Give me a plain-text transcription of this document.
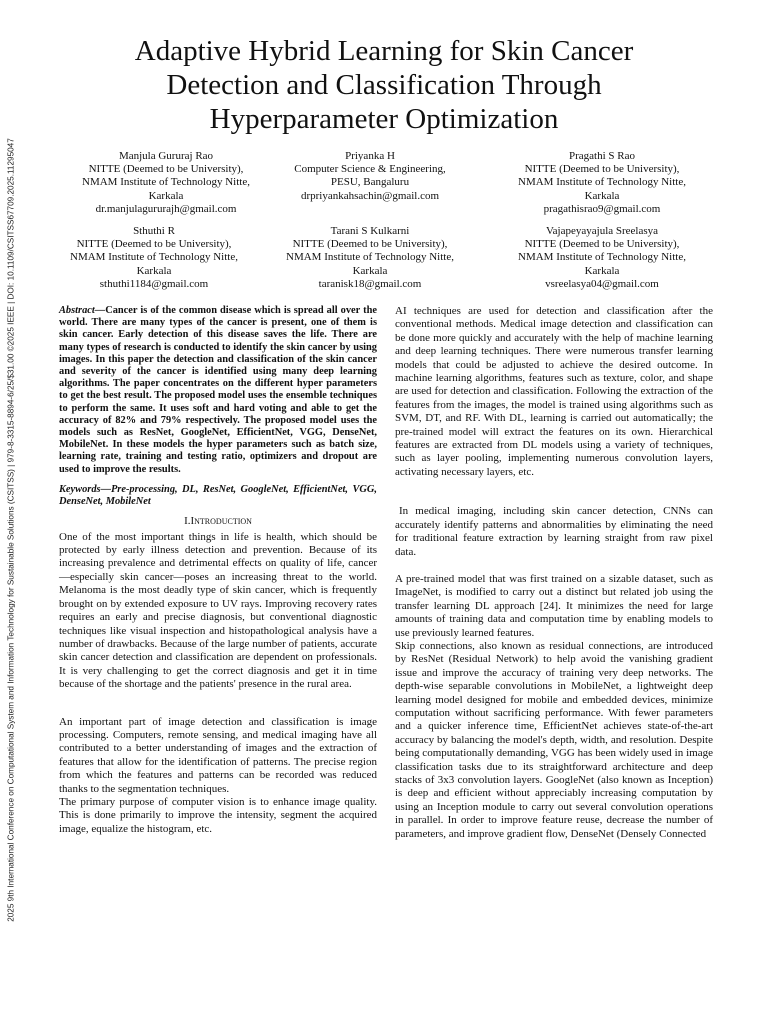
2025 9th International Conference on Computational System and Information Technology for Sustainable Solutions (CSITSS) | 979-8-3315-8894-6/25/$31.00 ©2025 IEEE | DOI: 10.1109/CSITSS67709.2025.11295047
Adaptive Hybrid Learning for Skin Cancer
Detection and Classification Through
Hyperparameter Optimization
Manjula Gururaj Rao
NITTE (Deemed to be University),
NMAM Institute of Technology Nitte,
Karkala
dr.manjulagururajh@gmail.com
Priyanka H
Computer Science & Engineering,
PESU, Bangaluru
drpriyankahsachin@gmail.com
Pragathi S Rao
NITTE (Deemed to be University),
NMAM Institute of Technology Nitte,
Karkala
pragathisrao9@gmail.com
Sthuthi R
NITTE (Deemed to be University),
NMAM Institute of Technology Nitte,
Karkala
sthuthi1184@gmail.com
Tarani S Kulkarni
NITTE (Deemed to be University),
NMAM Institute of Technology Nitte,
Karkala
taranisk18@gmail.com
Vajapeyayajula Sreelasya
NITTE (Deemed to be University),
NMAM Institute of Technology Nitte,
Karkala
vsreelasya04@gmail.com

Abstract—Cancer is of the common disease which is spread all over the world. There are many types of the cancer is present, one of them is skin cancer. Early detection of this disease saves the life. There are many types of research is conducted to identify the skin cancer by using images. In this paper the detection and classification of the skin cancer and severity of the cancer is identified using many deep learning algorithms. The paper concentrates on the different hyper parameters to get the best result. The proposed model uses the ensemble techniques to perform the same. It uses soft and hard voting and able to get the accuracy of 82% and 79% respectively. The proposed model uses the models such as ResNet, GoogleNet, EfficientNet, VGG, DenseNet, MobileNet. In these models the hyper parameters such as batch size, learning rate, training and testing ratio, optimizers and dropout are used to improve the results.

Keywords—Pre-processing, DL, ResNet, GoogleNet, EfficientNet, VGG, DenseNet, MobileNet

I.Introduction

One of the most important things in life is health, which should be protected by early illness detection and prevention. Because of its increasing prevalence and detrimental effects on quality of life, cancer—especially skin cancer—poses an increasing threat to the world. Melanoma is the most deadly type of skin cancer, which is frequently brought on by extended exposure to UV rays. Improving recovery rates requires an early and precise diagnosis, but conventional diagnostic techniques like visual inspection and histopathological analysis have a number of drawbacks. Because of the large number of patients, accurate skin cancer detection and classification are dependent on professionals. It is very challenging to get the correct diagnosis and get it in time because of the shortage and the patients' presence in the rural area.

An important part of image detection and classification is image processing. Computers, remote sensing, and medical imaging have all contributed to a better understanding of images and the extraction of features that allow for the identification of patterns. The precise region from which the features and patterns can be recorded was reduced thanks to the segmentation techniques.

The primary purpose of computer vision is to enhance image quality. This is done primarily to improve the intensity, segment the acquired image, equalize the histogram, etc.

AI techniques are used for detection and classification after the conventional methods. Medical image detection and classification can be done more quickly and accurately with the help of machine learning and deep learning techniques. There were numerous transfer learning models that could be adjusted to achieve the desired outcome. In machine learning algorithms, features such as texture, color, and shape are used for detection and classification. Following the extraction of the features from the images, the model is trained using algorithms such as SVM, DT, and RF. With DL, learning is carried out automatically; the pre-trained model will extract the features on its own. Hierarchical features are extracted from DL models using a variety of techniques, such as layer pooling, implementing numerous convolution layers, activating necessary layers, etc.

In medical imaging, including skin cancer detection, CNNs can accurately identify patterns and abnormalities by eliminating the need for traditional feature extraction by learning straight from raw pixel data.

A pre-trained model that was first trained on a sizable dataset, such as ImageNet, is modified to carry out a distinct but related job using the transfer learning DL approach [24]. It minimizes the need for large amounts of training data and computation time by enabling models to use previously learned features.

Skip connections, also known as residual connections, are introduced by ResNet (Residual Network) to help avoid the vanishing gradient issue and improve the accuracy of training very deep networks. The depth-wise separable convolutions in MobileNet, a lightweight deep learning model designed for mobile and embedded devices, minimize computation without sacrificing performance. With fewer parameters and a quicker inference time, EfficientNet achieves state-of-the-art accuracy by balancing the model's depth, width, and resolution. Despite being computationally demanding, VGG has been widely used in image classification tasks due to its straightforward architecture and deep stacks of 3x3 convolution layers. GoogleNet (also known as Inception) is deep and efficient without appreciably increasing computation by using an Inception module to carry out several convolution operations in parallel. In order to improve feature reuse, decrease the number of parameters, and improve gradient flow, DenseNet (Densely Connected
